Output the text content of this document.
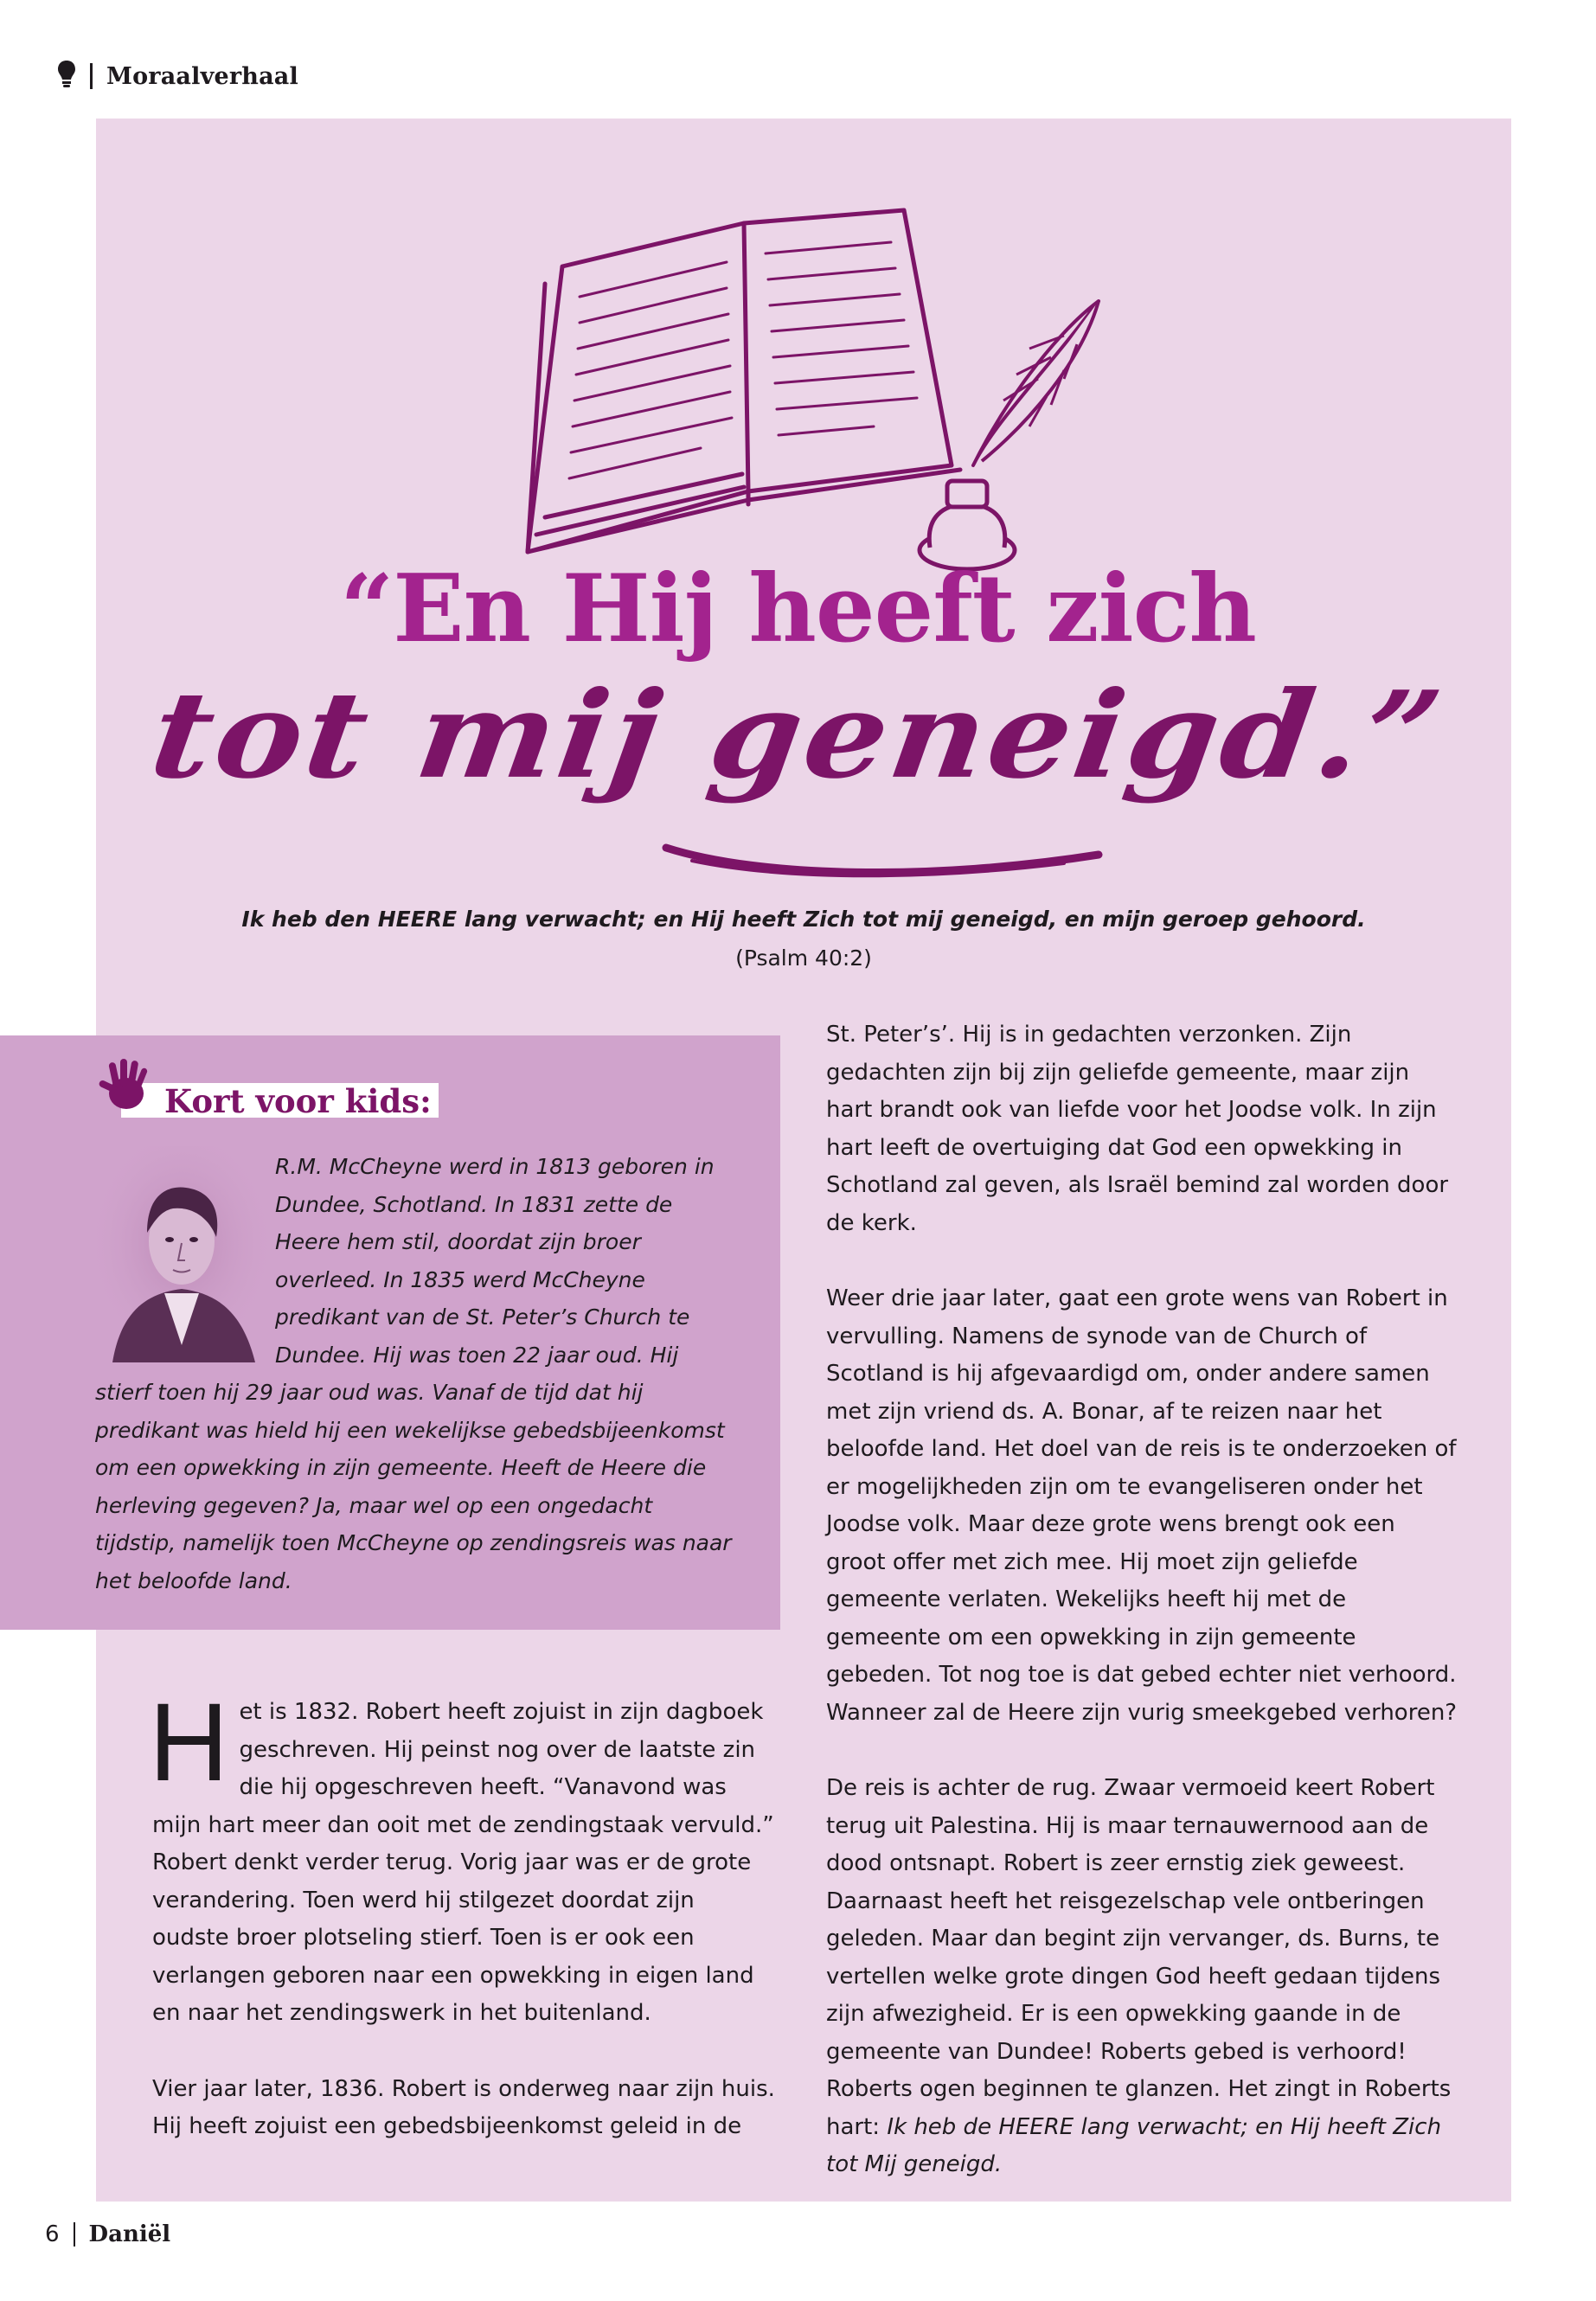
Moraalverhaal
“En Hij heeft zich
tot mij geneigd.”
Ik heb den HEERE lang verwacht; en Hij heeft Zich tot mij geneigd, en mijn geroep gehoord.
(Psalm 40:2)
Kort voor kids:
R.M. McCheyne werd in 1813 geboren in Dundee, Schotland. In 1831 zette de Heere hem stil, doordat zijn broer overleed. In 1835 werd McCheyne predikant van de St. Peter’s Church te Dundee. Hij was toen 22 jaar oud. Hij stierf toen hij 29 jaar oud was. Vanaf de tijd dat hij predikant was hield hij een wekelijkse gebedsbijeenkomst om een opwekking in zijn gemeente. Heeft de Heere die herleving gegeven? Ja, maar wel op een ongedacht tijdstip, namelijk toen McCheyne op zendingsreis was naar het beloofde land.

Het is 1832. Robert heeft zojuist in zijn dagboek geschreven. Hij peinst nog over de laatste zin die hij opgeschreven heeft. “Vanavond was mijn hart meer dan ooit met de zendingstaak vervuld.” Robert denkt verder terug. Vorig jaar was er de grote verandering. Toen werd hij stilgezet doordat zijn oudste broer plotseling stierf. Toen is er ook een verlangen geboren naar een opwekking in eigen land en naar het zendingswerk in het buitenland.

Vier jaar later, 1836. Robert is onderweg naar zijn huis. Hij heeft zojuist een gebedsbijeenkomst geleid in de

St. Peter’s’. Hij is in gedachten verzonken. Zijn gedachten zijn bij zijn geliefde gemeente, maar zijn hart brandt ook van liefde voor het Joodse volk. In zijn hart leeft de overtuiging dat God een opwekking in Schotland zal geven, als Israël bemind zal worden door de kerk.

Weer drie jaar later, gaat een grote wens van Robert in vervulling. Namens de synode van de Church of Scotland is hij afgevaardigd om, onder andere samen met zijn vriend ds. A. Bonar, af te reizen naar het beloofde land. Het doel van de reis is te onderzoeken of er mogelijkheden zijn om te evangeliseren onder het Joodse volk. Maar deze grote wens brengt ook een groot offer met zich mee. Hij moet zijn geliefde gemeente verlaten. Wekelijks heeft hij met de gemeente om een opwekking in zijn gemeente gebeden. Tot nog toe is dat gebed echter niet verhoord. Wanneer zal de Heere zijn vurig smeekgebed verhoren?

De reis is achter de rug. Zwaar vermoeid keert Robert terug uit Palestina. Hij is maar ternauwernood aan de dood ontsnapt. Robert is zeer ernstig ziek geweest. Daarnaast heeft het reisgezelschap vele ontberingen geleden. Maar dan begint zijn vervanger, ds. Burns, te vertellen welke grote dingen God heeft gedaan tijdens zijn afwezigheid. Er is een opwekking gaande in de gemeente van Dundee! Roberts gebed is verhoord! Roberts ogen beginnen te glanzen. Het zingt in Roberts hart: Ik heb de HEERE lang verwacht; en Hij heeft Zich tot Mij geneigd.

6 Daniël
